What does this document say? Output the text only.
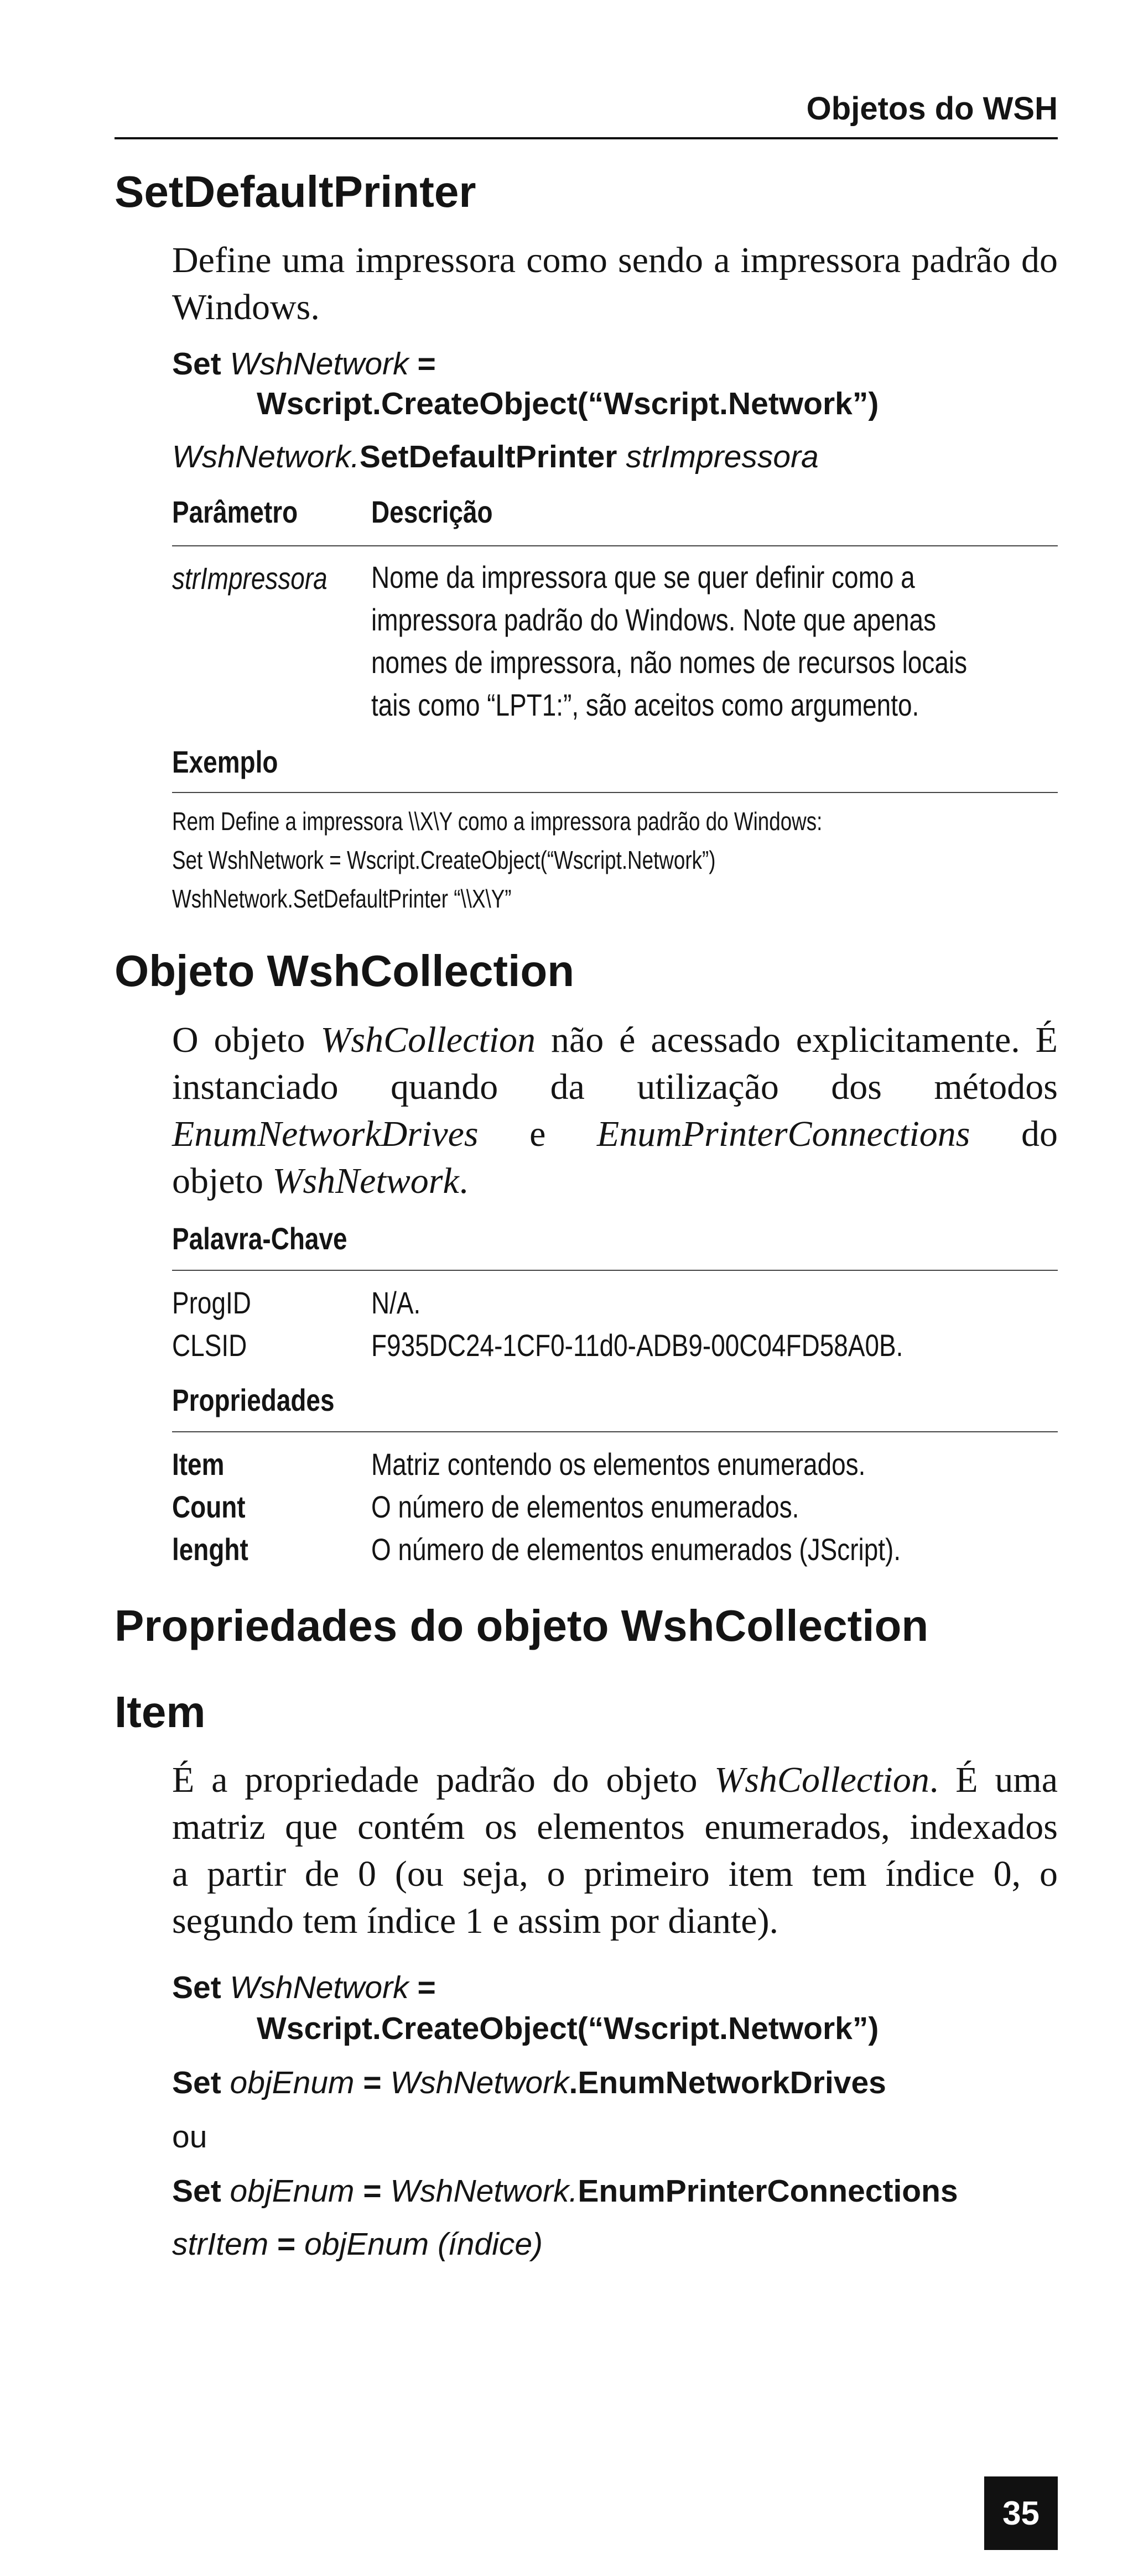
Objetos do WSH
SetDefaultPrinter
Define uma impressora como sendo a impressora padrão do Windows.
Set WshNetwork =
Wscript.CreateObject(“Wscript.Network”)
WshNetwork.SetDefaultPrinter strImpressora
Parâmetro Descrição
strImpressora Nome da impressora que se quer definir como a
impressora padrão do Windows. Note que apenas
nomes de impressora, não nomes de recursos locais
tais como “LPT1:”, são aceitos como argumento.
Exemplo
Rem Define a impressora \\X\Y como a impressora padrão do Windows:
Set WshNetwork = Wscript.CreateObject(“Wscript.Network”)
WshNetwork.SetDefaultPrinter “\\X\Y”
Objeto WshCollection
O objeto WshCollection não é acessado explicitamente. É
instanciado quando da utilização dos métodos
EnumNetworkDrives e EnumPrinterConnections do
objeto WshNetwork.
Palavra-Chave
ProgID	N/A.
CLSID	F935DC24-1CF0-11d0-ADB9-00C04FD58A0B.
Propriedades
Item	Matriz contendo os elementos enumerados.
Count	O número de elementos enumerados.
lenght	O número de elementos enumerados (JScript).
Propriedades do objeto WshCollection
Item
É a propriedade padrão do objeto WshCollection. É uma
matriz que contém os elementos enumerados, indexados
a partir de 0 (ou seja, o primeiro item tem índice 0, o
segundo tem índice 1 e assim por diante).
Set WshNetwork =
Wscript.CreateObject(“Wscript.Network”)
Set objEnum = WshNetwork.EnumNetworkDrives
ou
Set objEnum = WshNetwork.EnumPrinterConnections
strItem = objEnum (índice)
35
